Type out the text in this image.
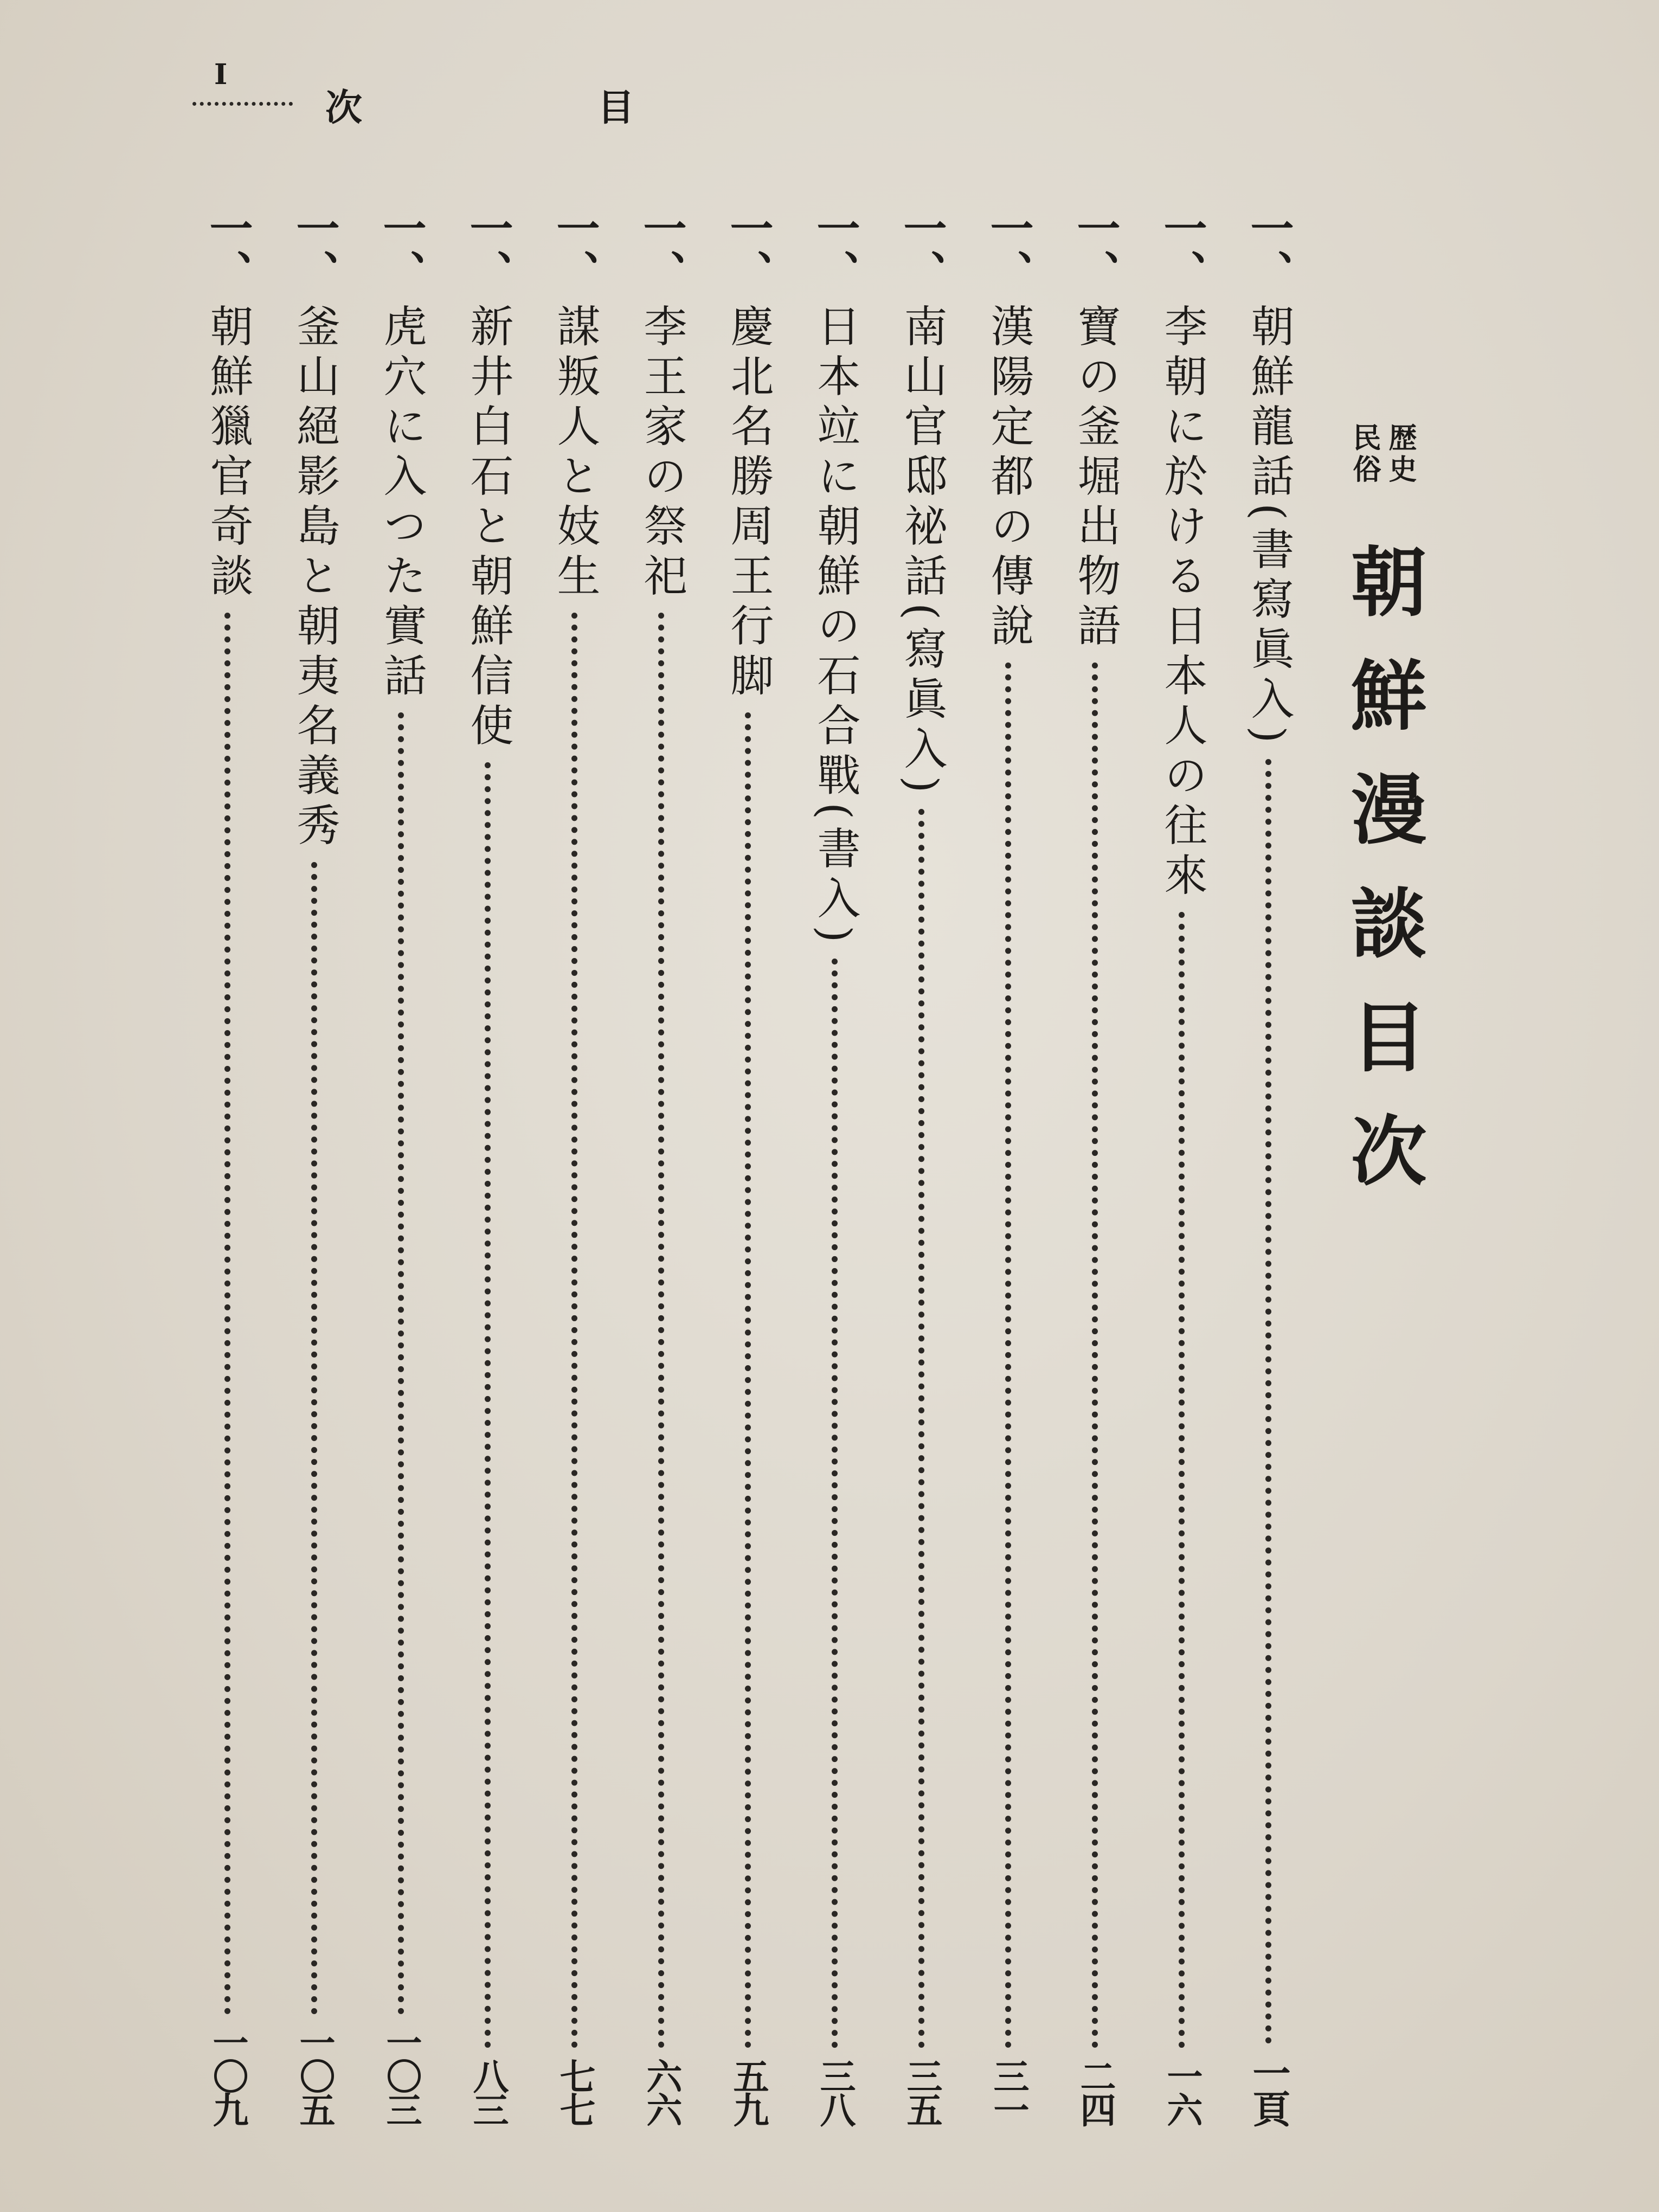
I
次	目
歴史
民俗
朝鮮漫談目次
一、
朝鮮龍話(書寫眞入)
一頁
一、
李朝に於ける日本人の往來
一六
一、
寶の釜堀出物語
二四
一、
漢陽定都の傳說
三一
一、
南山官邸祕話(寫眞入)
三五
一、
日本竝に朝鮮の石合戰(書入)
三八
一、
慶北名勝周王行脚
五九
一、
李王家の祭祀
六六
一、
謀叛人と妓生
七七
一、
新井白石と朝鮮信使
八三
一、
虎穴に入つた實話
一〇三
一、
釜山絕影島と朝夷名義秀
一〇五
一、
朝鮮獵官奇談
一〇九
